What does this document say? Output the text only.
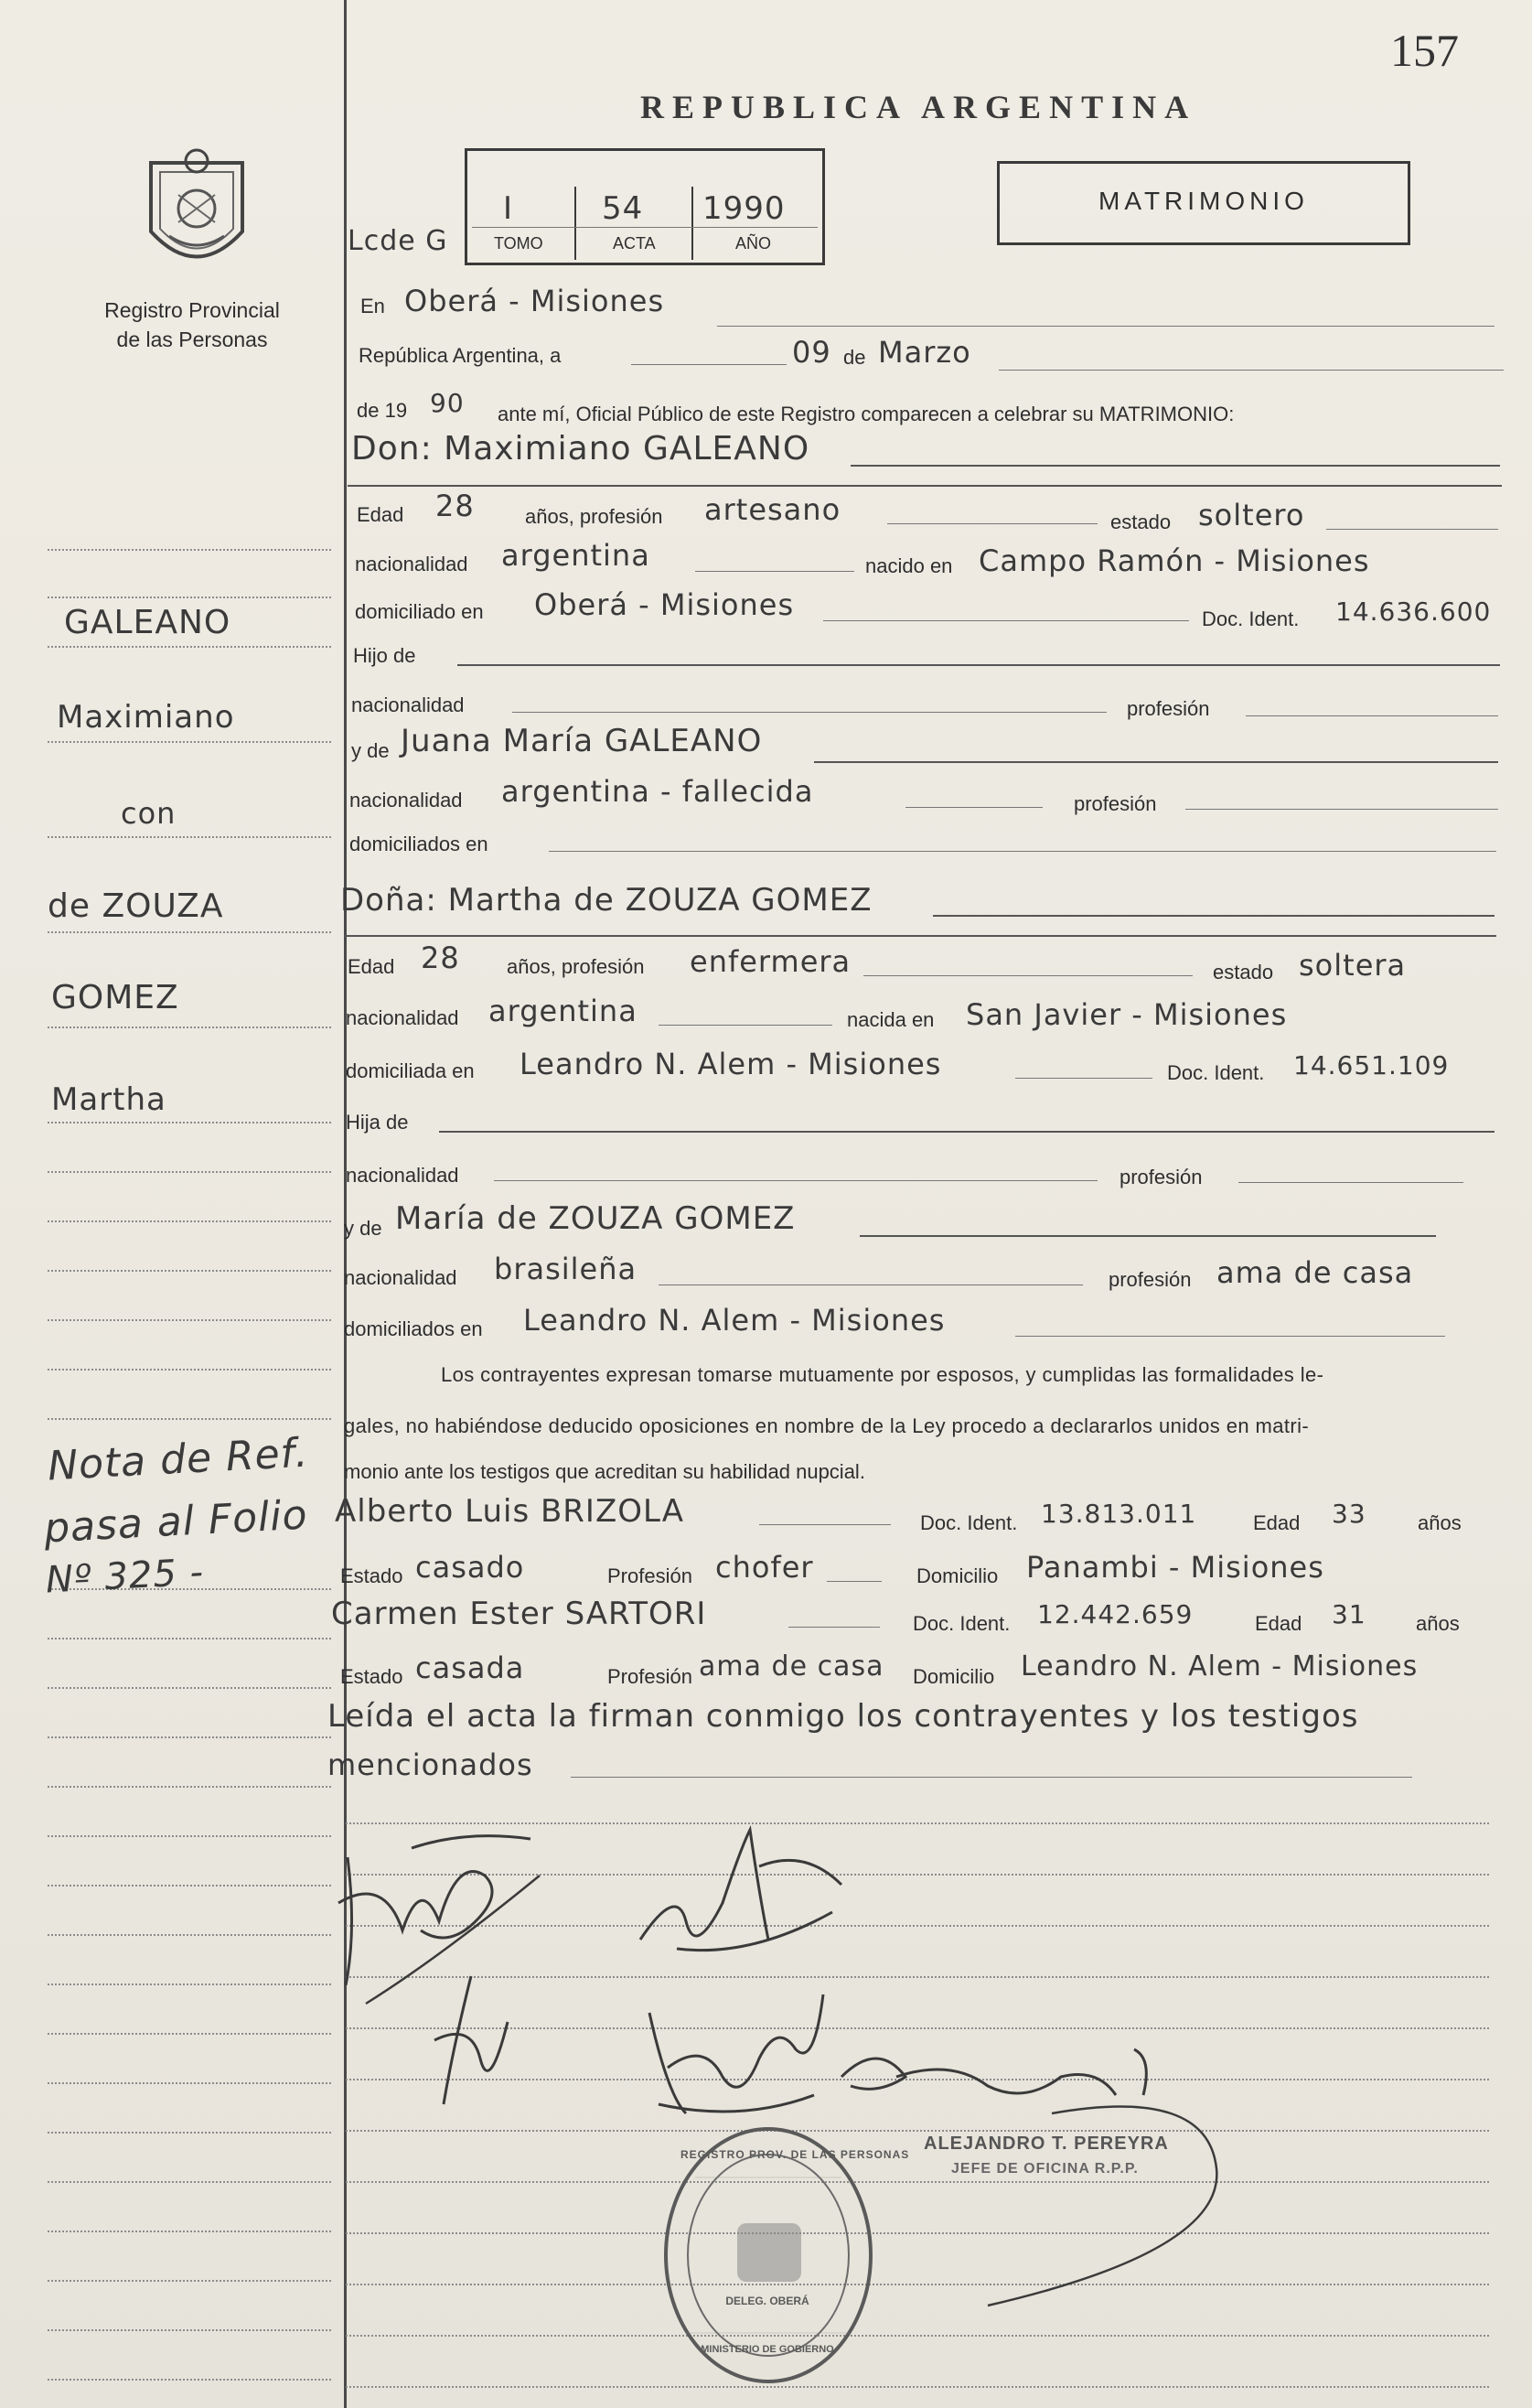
157
REPUBLICA ARGENTINA
MATRIMONIO
Registro Provincial
de las Personas
I	54 1990
TOMO	ACTA	AÑO
Lcde G
GALEANO
Maximiano
con
de ZOUZA
GOMEZ
Martha
Nota de Ref.
pasa al Folio
Nº 325 -
En Oberá - Misiones
República Argentina, a	09 de Marzo
de 19 90 ante mí, Oficial Público de este Registro comparecen a celebrar su MATRIMONIO:
Don: Maximiano GALEANO
Edad 28	años, profesión artesano	estado soltero
nacionalidad argentina	nacido en Campo Ramón - Misiones
domiciliado en Oberá - Misiones	Doc. Ident. 14.636.600
Hijo de
nacionalidad	profesión
y de Juana María GALEANO
nacionalidad argentina - fallecida	profesión
domiciliados en
Doña: Martha de ZOUZA GOMEZ
Edad 28 años, profesión enfermera	estado soltera
nacionalidad argentina	nacida en San Javier - Misiones
domiciliada en Leandro N. Alem - Misiones	Doc. Ident. 14.651.109
Hija de
nacionalidad	profesión
y de María de ZOUZA GOMEZ
nacionalidad brasileña	profesión ama de casa
domiciliados en Leandro N. Alem - Misiones
Los contrayentes expresan tomarse mutuamente por esposos, y cumplidas las formalidades le-
gales, no habiéndose deducido oposiciones en nombre de la Ley procedo a declararlos unidos en matri-
monio ante los testigos que acreditan su habilidad nupcial.
Alberto Luis BRIZOLA	Doc. Ident. 13.813.011	Edad 33	años
Estado casado	Profesión chofer	Domicilio Panambi - Misiones
Carmen Ester SARTORI	Doc. Ident. 12.442.659	Edad 31 años
Estado casada	Profesión ama de casa Domicilio Leandro N. Alem - Misiones
Leída el acta la firman conmigo los contrayentes y los testigos
mencionados
ALEJANDRO T. PEREYRA
JEFE DE OFICINA R.P.P.
REGISTRO PROV. DE LAS PERSONAS
DELEG. OBERÁ
MINISTERIO DE GOBIERNO
